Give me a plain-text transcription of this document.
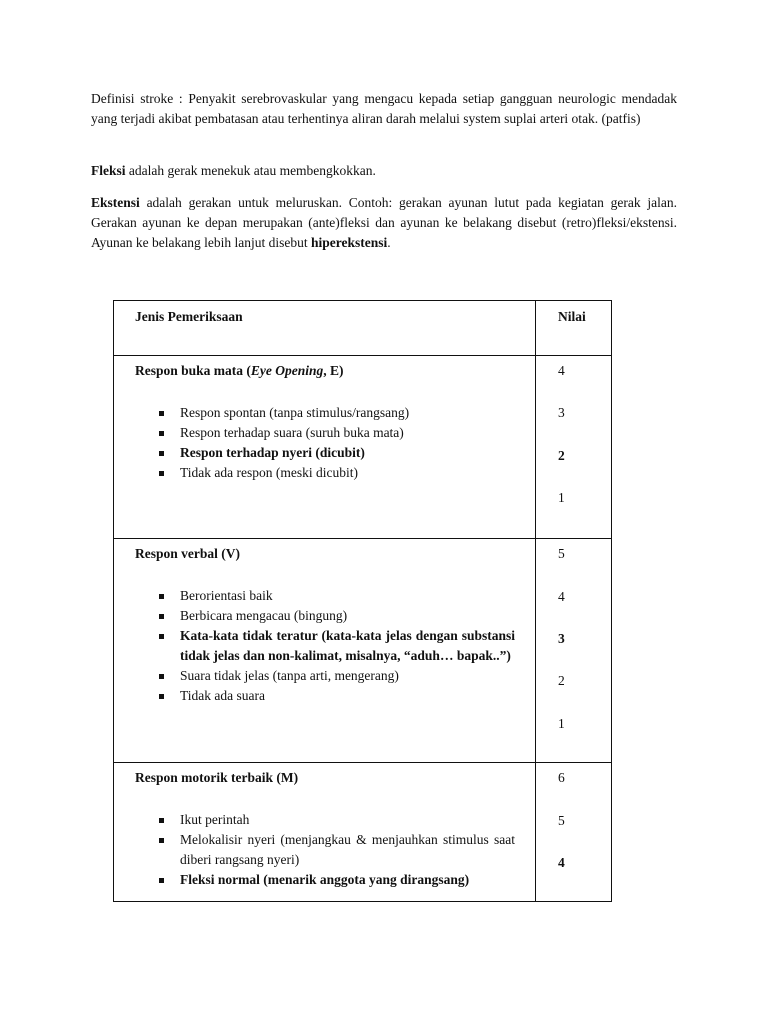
Definisi stroke : Penyakit serebrovaskular yang mengacu kepada setiap gangguan neurologic mendadak yang terjadi akibat pembatasan atau terhentinya aliran darah melalui system suplai arteri otak. (patfis)

Fleksi adalah gerak menekuk atau membengkokkan.

Ekstensi adalah gerakan untuk meluruskan. Contoh: gerakan ayunan lutut pada kegiatan gerak jalan. Gerakan ayunan ke depan merupakan (ante)fleksi dan ayunan ke belakang disebut (retro)fleksi/ekstensi. Ayunan ke belakang lebih lanjut disebut hiperekstensi.

Jenis Pemeriksaan	Nilai
Respon buka mata (Eye Opening, E)
Respon spontan (tanpa stimulus/rangsang)
Respon terhadap suara (suruh buka mata)
Respon terhadap nyeri (dicubit)
Tidak ada respon (meski dicubit)
4
3
2
1
Respon verbal (V)
Berorientasi baik
Berbicara mengacau (bingung)
Kata-kata tidak teratur (kata-kata jelas dengan substansi tidak jelas dan non-kalimat, misalnya, “aduh… bapak..”)
Suara tidak jelas (tanpa arti, mengerang)
Tidak ada suara
5
4
3
2
1
Respon motorik terbaik (M)
Ikut perintah
Melokalisir nyeri (menjangkau & menjauhkan stimulus saat diberi rangsang nyeri)
Fleksi normal (menarik anggota yang dirangsang)
6
5
4
